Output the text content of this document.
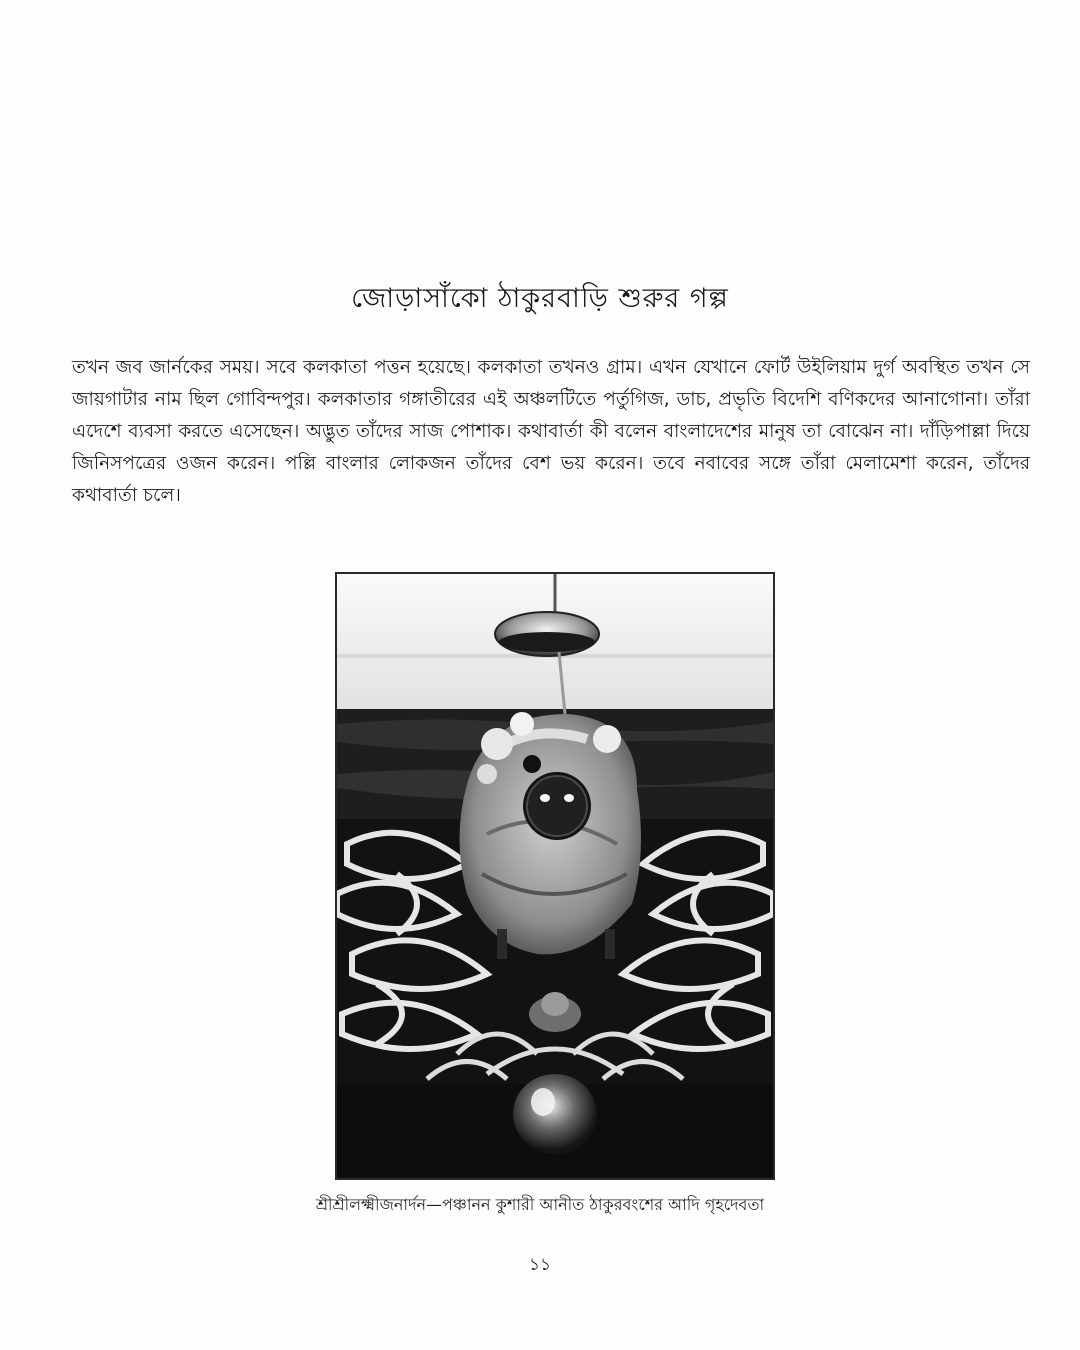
জোড়াসাঁকো ঠাকুরবাড়ি শুরুর গল্প

তখন জব জার্নকের সময়। সবে কলকাতা পত্তন হয়েছে। কলকাতা তখনও গ্রাম। এখন যেখানে ফোর্ট উইলিয়াম দুর্গ অবস্থিত তখন সে জায়গাটার নাম ছিল গোবিন্দপুর। কলকাতার গঙ্গাতীরের এই অঞ্চলটিতে পর্তুগিজ, ডাচ, প্রভৃতি বিদেশি বণিকদের আনাগোনা। তাঁরা এদেশে ব্যবসা করতে এসেছেন। অদ্ভুত তাঁদের সাজ পোশাক। কথাবার্তা কী বলেন বাংলাদেশের মানুষ তা বোঝেন না। দাঁড়িপাল্লা দিয়ে জিনিসপত্রের ওজন করেন। পল্লি বাংলার লোকজন তাঁদের বেশ ভয় করেন। তবে নবাবের সঙ্গে তাঁরা মেলামেশা করেন, তাঁদের কথাবার্তা চলে।

শ্রীশ্রীলক্ষ্মীজনার্দন—পঞ্চানন কুশারী আনীত ঠাকুরবংশের আদি গৃহদেবতা
১১
